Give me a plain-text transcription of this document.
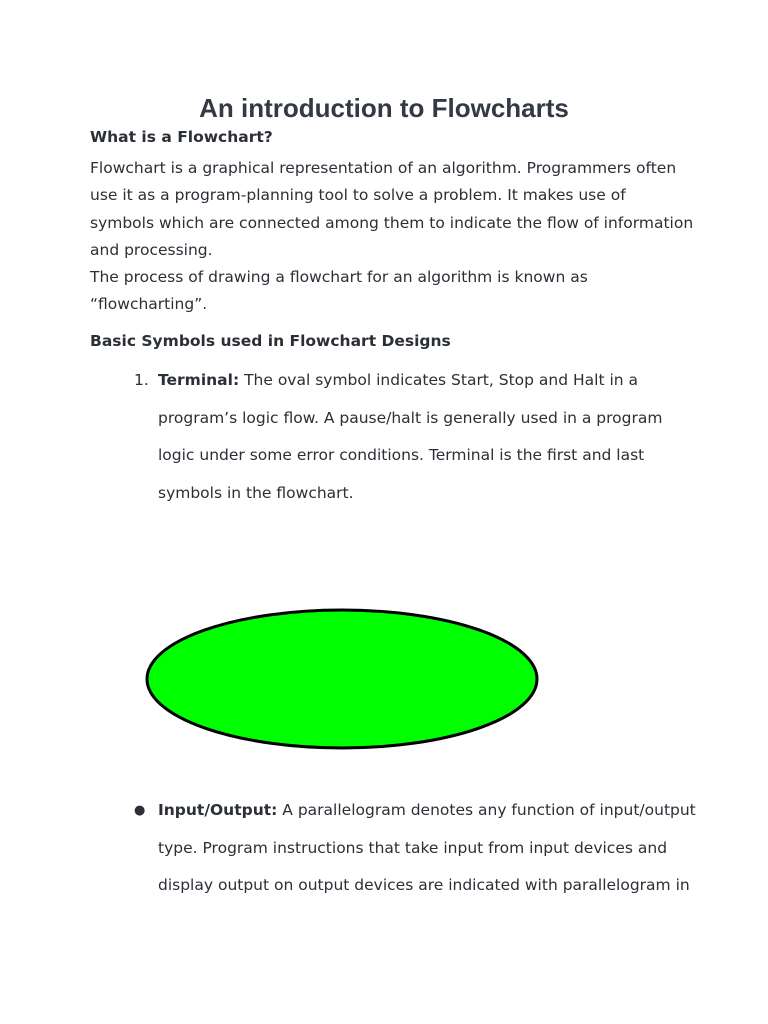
An introduction to Flowcharts

What is a Flowchart?

Flowchart is a graphical representation of an algorithm. Programmers often
use it as a program-planning tool to solve a problem. It makes use of
symbols which are connected among them to indicate the flow of information
and processing.
The process of drawing a flowchart for an algorithm is known as
“flowcharting”.

Basic Symbols used in Flowchart Designs

1. Terminal: The oval symbol indicates Start, Stop and Halt in a
program’s logic flow. A pause/halt is generally used in a program
logic under some error conditions. Terminal is the first and last
symbols in the flowchart.
● Input/Output: A parallelogram denotes any function of input/output
type. Program instructions that take input from input devices and
display output on output devices are indicated with parallelogram in
